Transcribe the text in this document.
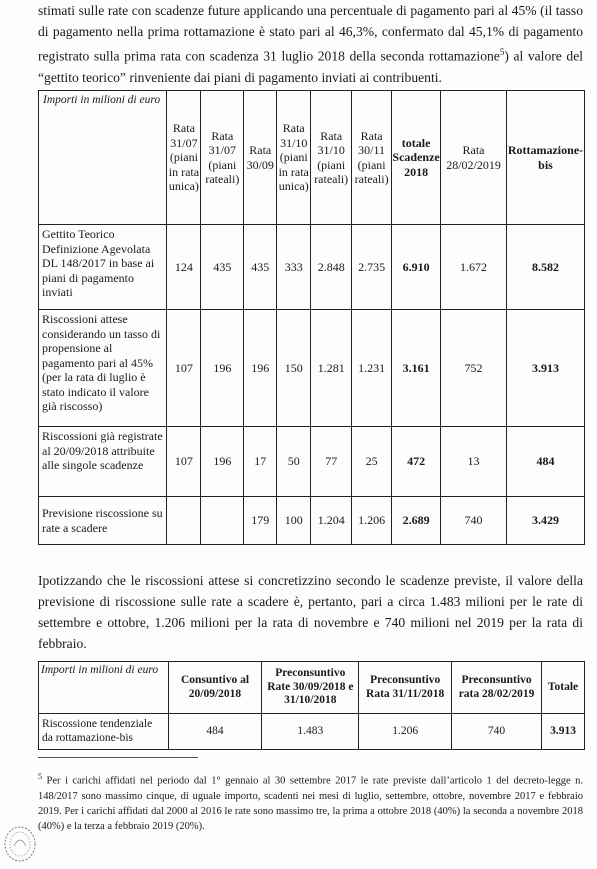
stimati sulle rate con scadenze future applicando una percentuale di pagamento pari al 45% (il tasso di pagamento nella prima rottamazione è stato pari al 46,3%, confermato dal 45,1% di pagamento registrato sulla prima rata con scadenza 31 luglio 2018 della seconda rottamazione$^5$) al valore del “gettito teorico” rinveniente dai piani di pagamento inviati ai contribuenti.

Importi in milioni di euro	Rata 31/07 (piani in rata unica)	Rata 31/07 (piani rateali)	Rata 30/09	Rata 31/10 (piani in rata unica)	Rata 31/10 (piani rateali)	Rata 30/11 (piani rateali)	totale Scadenze 2018	Rata 28/02/2019	Rottamazione-bis
Gettito Teorico Definizione Agevolata DL 148/2017 in base ai piani di pagamento inviati	124	435	435	333	2.848	2.735	6.910	1.672	8.582
Riscossioni attese considerando un tasso di propensione al pagamento pari al 45% (per la rata di luglio è stato indicato il valore già riscosso)	107	196	196	150	1.281	1.231	3.161	752	3.913
Riscossioni già registrate al 20/09/2018 attribuite alle singole scadenze	107	196	17	50	77	25	472	13	484
Previsione riscossione su rate a scadere			179	100	1.204	1.206	2.689	740	3.429

Ipotizzando che le riscossioni attese si concretizzino secondo le scadenze previste, il valore della previsione di riscossione sulle rate a scadere è, pertanto, pari a circa 1.483 milioni per le rate di settembre e ottobre, 1.206 milioni per la rata di novembre e 740 milioni nel 2019 per la rata di febbraio.

Importi in milioni di euro	Consuntivo al 20/09/2018	Preconsuntivo Rate 30/09/2018 e 31/10/2018	Preconsuntivo Rata 31/11/2018	Preconsuntivo rata 28/02/2019	Totale
Riscossione tendenziale da rottamazione-bis	484	1.483	1.206	740	3.913

$^5$ Per i carichi affidati nel periodo dal 1° gennaio al 30 settembre 2017 le rate previste dall’articolo 1 del decreto-legge n. 148/2017 sono massimo cinque, di uguale importo, scadenti nei mesi di luglio, settembre, ottobre, novembre 2017 e febbraio 2019. Per i carichi affidati dal 2000 al 2016 le rate sono massimo tre, la prima a ottobre 2018 (40%) la seconda a novembre 2018 (40%) e la terza a febbraio 2019 (20%).
